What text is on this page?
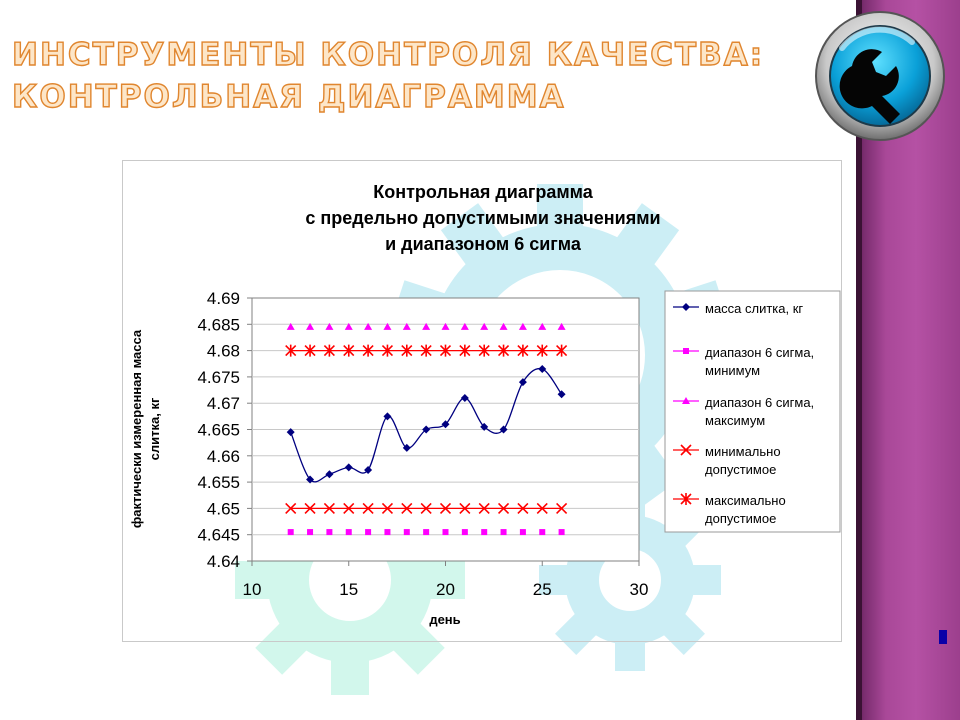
ИНСТРУМЕНТЫ КОНТРОЛЯ КАЧЕСТВА:
КОНТРОЛЬНАЯ ДИАГРАММА
Контрольная диаграмма
с предельно допустимыми значениями
и диапазоном 6 сигма
4.64
4.645
4.65
4.655
4.66
4.665
4.67
4.675
4.68
4.685
4.69
10	15	20	25	30
день
фактически измеренная масса слитка, кг
масса слитка, кг
диапазон 6 сигма, минимум
диапазон 6 сигма, максимум
минимально допустимое
максимально допустимое
